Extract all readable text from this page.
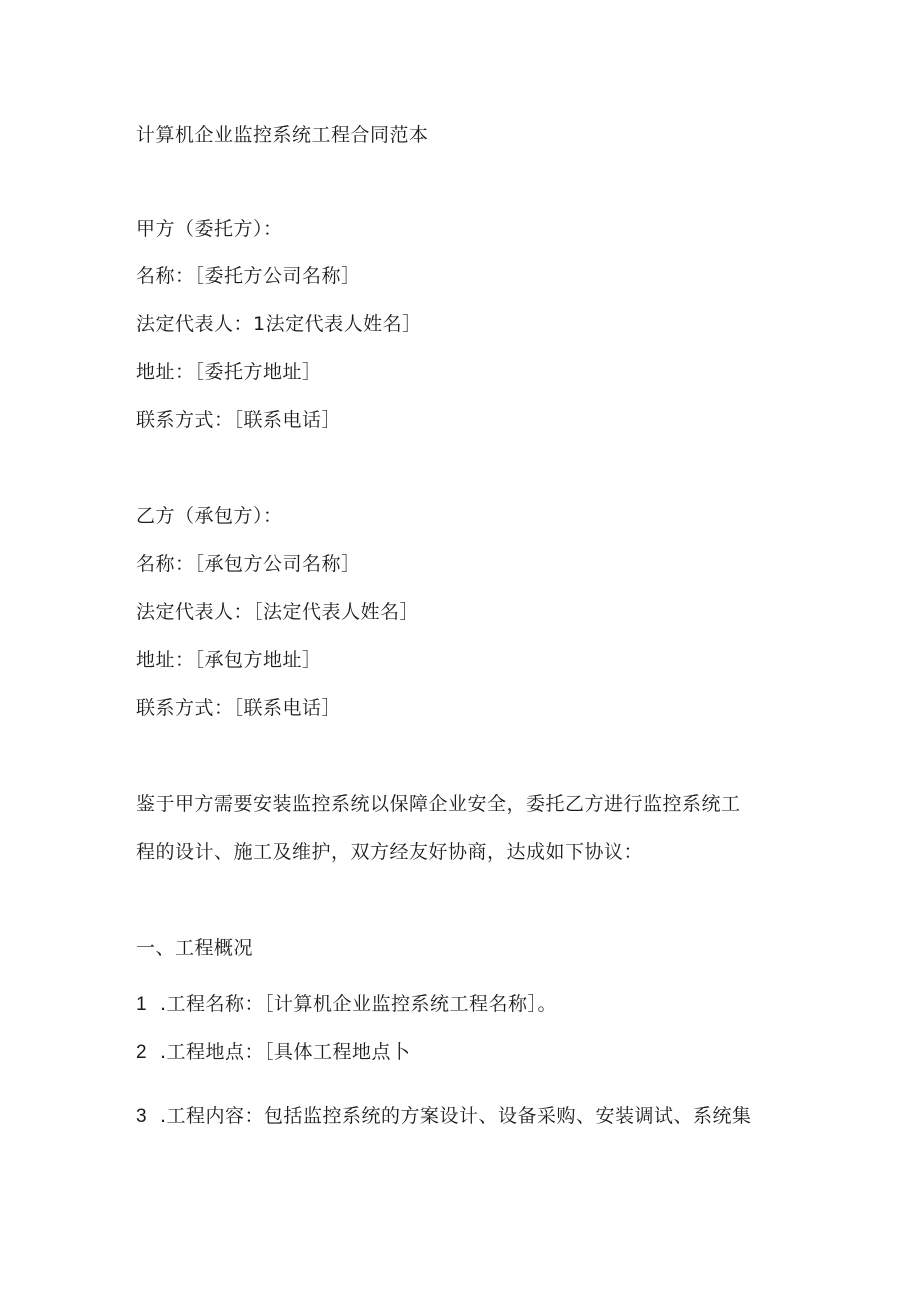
计算机企业监控系统工程合同范本
甲方（委托方）：
名称：［委托方公司名称］
法定代表人：1法定代表人姓名］
地址：［委托方地址］
联系方式：［联系电话］
乙方（承包方）：
名称：［承包方公司名称］
法定代表人：［法定代表人姓名］
地址：［承包方地址］
联系方式：［联系电话］
鉴于甲方需要安装监控系统以保障企业安全，委托乙方进行监控系统工
程的设计、施工及维护，双方经友好协商，达成如下协议：
一、工程概况
1 .工程名称：［计算机企业监控系统工程名称］。
2 .工程地点：［具体工程地点卜
3 .工程内容：包括监控系统的方案设计、设备采购、安装调试、系统集
